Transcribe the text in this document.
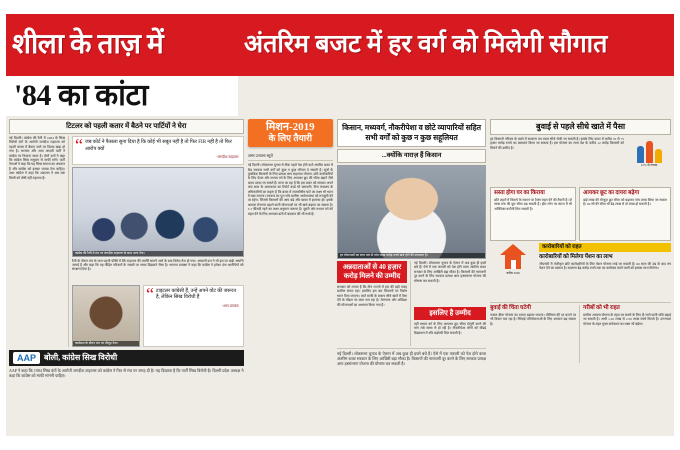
शीला के ताज़ में	अंतरिम बजट में हर वर्ग को मिलेगी सौगात
'84 का कांटा
टिटलर को पहली कतार में बैठने पर पार्टियों ने घेरा
नई दिल्ली। कांग्रेस की रैली में 1984 के सिख विरोधी दंगों के आरोपी जगदीश टाइटलर को पहली कतार में बैठाए जाने पर विवाद खड़ा हो गया है। भाजपा और आम आदमी पार्टी ने कांग्रेस पर निशाना साधा है। दोनों दलों ने कहा कि कांग्रेस सिख समुदाय से माफी मांगे। पार्टी नेताओं ने कहा कि यह सिख समाज का अपमान है और कांग्रेस को इसका जवाब देना चाहिए। उधर कांग्रेस ने कहा कि अदालत ने अब तक किसी को दोषी नहीं ठहराया है।
“ जब कोर्ट ने फैसला सुना दिया है कि कोई भी सबूत नहीं है तो फिर FIR नहीं है तो फिर आरोप क्यों
-जगदीश टाइटलर
कांग्रेस की रैली में मंच पर जगदीश टाइटलर के साथ अन्य नेता।
रैली के दौरान मंच के पास पहली पंक्ति में बैठे टाइटलर की तस्वीरें सामने आने के बाद विरोध तेज हो गया। अकाली दल ने भी इस पर कड़ी आपत्ति जताई है और कहा कि यह पीड़ित परिवारों के जख्मों पर नमक छिड़कने जैसा है। भाजपा प्रवक्ता ने कहा कि कांग्रेस ने हमेशा दंगा आरोपियों को संरक्षण दिया है।
कार्यक्रम के दौरान मंच पर मौजूद नेता।
“ टाइटलर कांग्रेसी हैं, उन्हें अपने वोट की जरूरत है, लेकिन सिख विरोधी हैं
-आप प्रवक्ता
AAP	बोली, कांग्रेस सिख विरोधी
AAP ने कहा कि 1984 सिख दंगों के आरोपी जगदीश टाइटलर को कांग्रेस ने फिर से मंच पर जगह दी है। यह दिखाता है कि पार्टी सिख विरोधी है। दिल्ली प्रदेश अध्यक्ष ने कहा कि कांग्रेस को माफी मांगनी चाहिए।
मिशन-2019
के लिए तैयारी
अमर उजाला ब्यूरो
नई दिल्ली। लोकसभा चुनाव से ठीक पहले पेश होने वाले अंतरिम बजट में केंद्र सरकार सभी वर्गों को कुछ न कुछ सौगात दे सकती है। सूत्रों के मुताबिक किसानों के लिए प्रत्यक्ष आय सहायता योजना, छोटे कारोबारियों के लिए पेंशन और मध्यम वर्ग के लिए आयकर छूट की सीमा बढ़ाने जैसे कदम उठाए जा सकते हैं। माना जा रहा है कि इस बजट को सरकार अपने पांच साल के कामकाज का रिपोर्ट कार्ड भी बनाएगी। वित्त मंत्रालय के अधिकारियों का कहना है कि बजट में राजकोषीय घाटे का लक्ष्य भी ध्यान में रखा जाएगा। सरकार का पूरा जोर ग्रामीण अर्थव्यवस्था को मजबूती देने पर रहेगा, जिससे किसानों की आय बढ़े और खपत में इजाफा हो। इसके अलावा रोजगार बढ़ाने वाली योजनाओं पर भी खर्च बढ़ाया जा सकता है। 3.3 फीसदी रहने का लक्ष्य अनुमान जताया है। दूसरी ओर मध्यम वर्ग को राहत देने के लिए आयकर ढांचे में बदलाव की भी चर्चा है।
किसान, मध्यवर्ग, नौकरीपेशा व छोटे व्यापारियों सहित सभी वर्गों को कुछ न कुछ सहूलियत
...क्योंकि नाराज़ हैं किसान
हर योजनाओं का लाभ चार से पांच लाख करोड़ रुपये खर्च होने की संभावना है।
अन्नदाताओं से 40 हज़ार करोड़ मिलने की उम्मीद
सरकार को लगता है कि तीन राज्यों में हार की बड़ी वजह ग्रामीण संकट रहा। इसलिए इस बार किसानों पर विशेष ध्यान दिया जाएगा। कर्ज माफी के बजाय सीधे खाते में पैसा देने के मॉडल पर काम चल रहा है। तेलंगाना और ओडिशा की योजनाओं का अध्ययन किया गया है।
नई दिल्ली। लोकसभा चुनाव के ऐलान में अब कुछ ही हफ्ते बचे हैं। ऐसे में एक फरवरी को पेश होने वाला अंतरिम बजट सरकार के लिए आखिरी बड़ा मौका है। किसानों की नाराजगी दूर करने के लिए सरकार प्रत्यक्ष आय हस्तांतरण योजना की घोषणा कर सकती है।
इसलिए है उम्मीद
वहीं मध्यम वर्ग के लिए आयकर छूट सीमा दोगुनी करने की मांग लंबे समय से हो रही है। नौकरीपेशा लोगों को स्टैंडर्ड डिडक्शन में और बढ़ोतरी मिल सकती है।
नई दिल्ली। लोकसभा चुनाव के ऐलान में अब कुछ ही हफ्ते बचे हैं। ऐसे में एक फरवरी को पेश होने वाला अंतरिम बजट सरकार के लिए आखिरी बड़ा मौका है। किसानों की नाराजगी दूर करने के लिए सरकार प्रत्यक्ष आय हस्तांतरण योजना की घोषणा कर सकती है।
बुवाई से पहले सीधे खाते में पैसा
हर किसानों परिवार के खाते में सालाना तय रकम सीधे भेजी जा सकती है। इसके लिए बजट में करीब 70 से 75 हज़ार करोड़ रुपये का प्रावधान किया जा सकता है। इस योजना का लाभ देश के करीब 12 करोड़ किसानों को मिलने की उम्मीद है।
12% से ज्यादा
सस्ता होगा घर का किराया
छोटे शहरों में किराये के मकान पर टैक्स राहत देने की तैयारी है। दो लाख तक की छूट सीमा बढ़ सकती है। होम लोन पर ब्याज में भी अतिरिक्त कटौती मिल सकती है।
आयकर छूट का दायरा बढ़ेगा
ढाई लाख की मौजूदा छूट सीमा को बढ़ाकर पांच लाख किया जा सकता है। 80 सी की सीमा भी डेढ़ लाख से दो लाख हो सकती है।
करीब 3000
कारोबारियों को राहत
कारोबारियों को मिलेगा पेंशन का लाभ
जीएसटी में पंजीकृत छोटे कारोबारियों के लिए पेंशन योजना लाई जा सकती है। 60 साल की उम्र के बाद तय पेंशन देने का प्रस्ताव है। सालाना डेढ़ करोड़ रुपये तक का कारोबार करने वालों को इसका लाभ मिलेगा।
बुवाई की चिंता घटेगी
फसल बीमा योजना का दायरा बढ़ाया जाएगा। प्रीमियम की दर घटाने पर भी विचार चल रहा है। सिंचाई परियोजनाओं के लिए आवंटन बढ़ सकता है।
गरीबों को भी राहत
ग्रामीण आवास योजना के तहत घर बनाने के लिए दी जाने वाली राशि बढ़ाई जा सकती है। अभी 1.20 लाख से 2.50 लाख रुपये मिलते हैं। उज्ज्वला योजना के तहत मुफ्त कनेक्शन का लक्ष्य भी बढ़ेगा।
